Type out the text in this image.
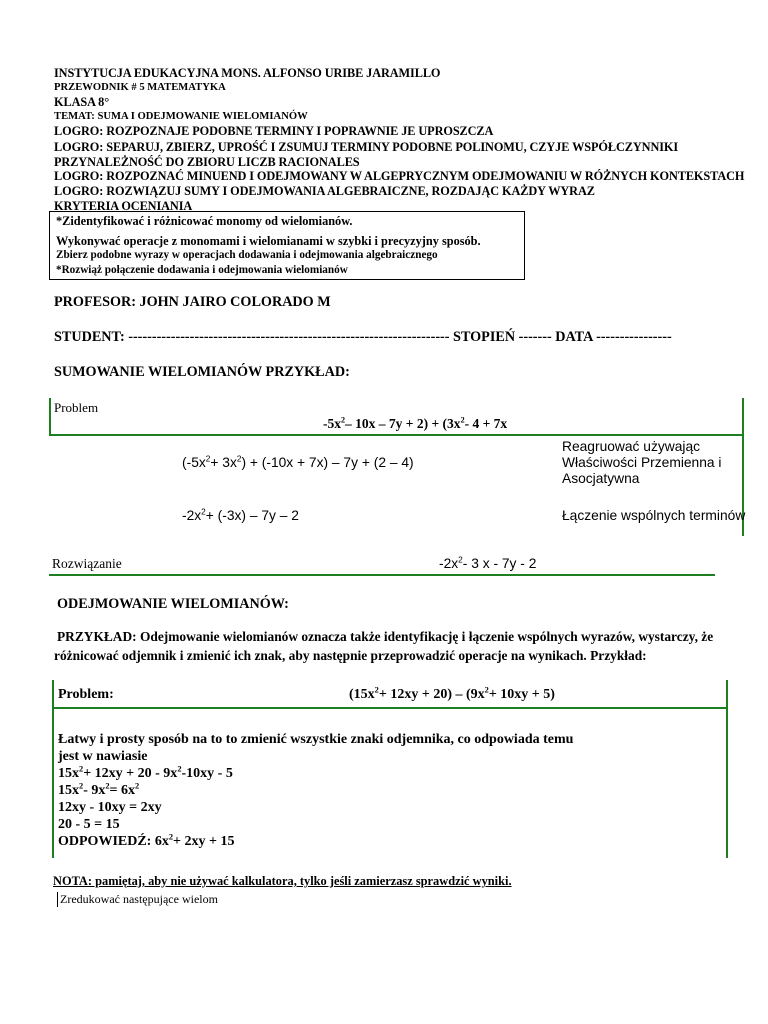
INSTYTUCJA EDUKACYJNA MONS. ALFONSO URIBE JARAMILLO
PRZEWODNIK # 5 MATEMATYKA
KLASA 8°
TEMAT: SUMA I ODEJMOWANIE WIELOMIANÓW
LOGRO: ROZPOZNAJE PODOBNE TERMINY I POPRAWNIE JE UPROSZCZA
LOGRO: SEPARUJ, ZBIERZ, UPROŚĆ I ZSUMUJ TERMINY PODOBNE POLINOMU, CZYJE WSPÓŁCZYNNIKI
PRZYNALEŻNOŚĆ DO ZBIORU LICZB RACIONALES
LOGRO: ROZPOZNAĆ MINUEND I ODEJMOWANY W ALGEPRYCZNYM ODEJMOWANIU W RÓŻNYCH KONTEKSTACH
LOGRO: ROZWIĄZUJ SUMY I ODEJMOWANIA ALGEBRAICZNE, ROZDAJĄC KAŻDY WYRAZ
KRYTERIA OCENIANIA
*Zidentyfikować i różnicować monomy od wielomianów.
Wykonywać operacje z monomami i wielomianami w szybki i precyzyjny sposób.
Zbierz podobne wyrazy w operacjach dodawania i odejmowania algebraicznego
*Rozwiąż połączenie dodawania i odejmowania wielomianów
PROFESOR: JOHN JAIRO COLORADO M
STUDENT: -------------------------------------------------------------------- STOPIEŃ ------- DATA ----------------
SUMOWANIE WIELOMIANÓW PRZYKŁAD:
Problem
$-5x^2-$ $10x - 7y + 2) + (3x^2-$ 4 + 7x
$(-5x^2+ 3x^2) + (-10x + 7x) - 7y + (2 - 4)$
Reagruować używając
Właściwości Przemienna i
Asocjatywna
$-2x^2+ (-3x) - 7y - 2$	Łączenie wspólnych terminów
Rozwiązanie	$-2x^2-$ 3 x - 7y - 2
ODEJMOWANIE WIELOMIANÓW:
PRZYKŁAD: Odejmowanie wielomianów oznacza także identyfikację i łączenie wspólnych wyrazów, wystarczy, że
różnicować odjemnik i zmienić ich znak, aby następnie przeprowadzić operacje na wynikach. Przykład:
Problem:	$(15x^2+ 12xy + 20) - (9x^2+ 10xy + 5)$
Łatwy i prosty sposób na to to zmienić wszystkie znaki odjemnika, co odpowiada temu
jest w nawiasie
$15x^2+ 12xy + 20 - 9x^2-10xy - 5$
$15x^2-$ $9x^2= 6x^2$
12xy - 10xy = 2xy
20 - 5 = 15
ODPOWIEDŹ: $6x^2+ 2xy + 15$
NOTA: pamiętaj, aby nie używać kalkulatora, tylko jeśli zamierzasz sprawdzić wyniki.
Zredukować następujące wielom
